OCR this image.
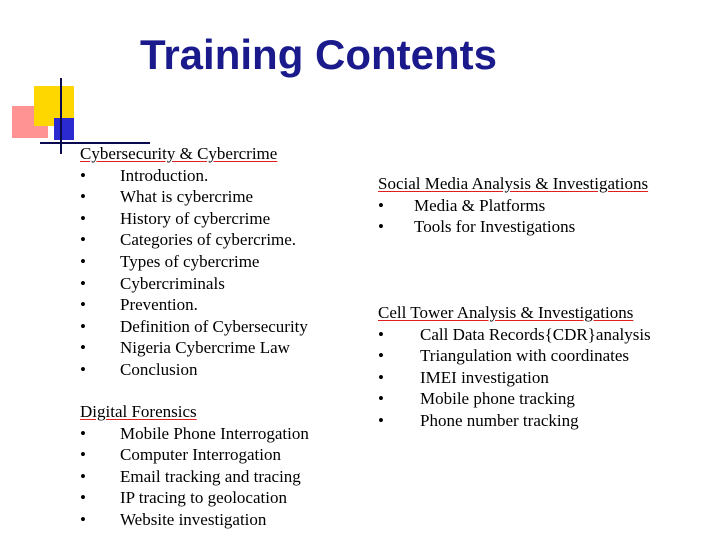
Training Contents
Cybersecurity & Cybercrime
•	Introduction.
•	What is cybercrime
•	History of cybercrime
•	Categories of cybercrime.
•	Types of cybercrime
•	Cybercriminals
•	Prevention.
•	Definition of Cybersecurity
•	Nigeria Cybercrime Law
•	Conclusion
Digital Forensics
•	Mobile Phone Interrogation
•	Computer Interrogation
•	Email tracking and tracing
•	IP tracing to geolocation
•	Website investigation
Social Media Analysis & Investigations
•	Media & Platforms
•	Tools for Investigations
Cell Tower Analysis & Investigations
•	Call Data Records{CDR}analysis
•	Triangulation with coordinates
•	IMEI investigation
•	Mobile phone tracking
•	Phone number tracking
